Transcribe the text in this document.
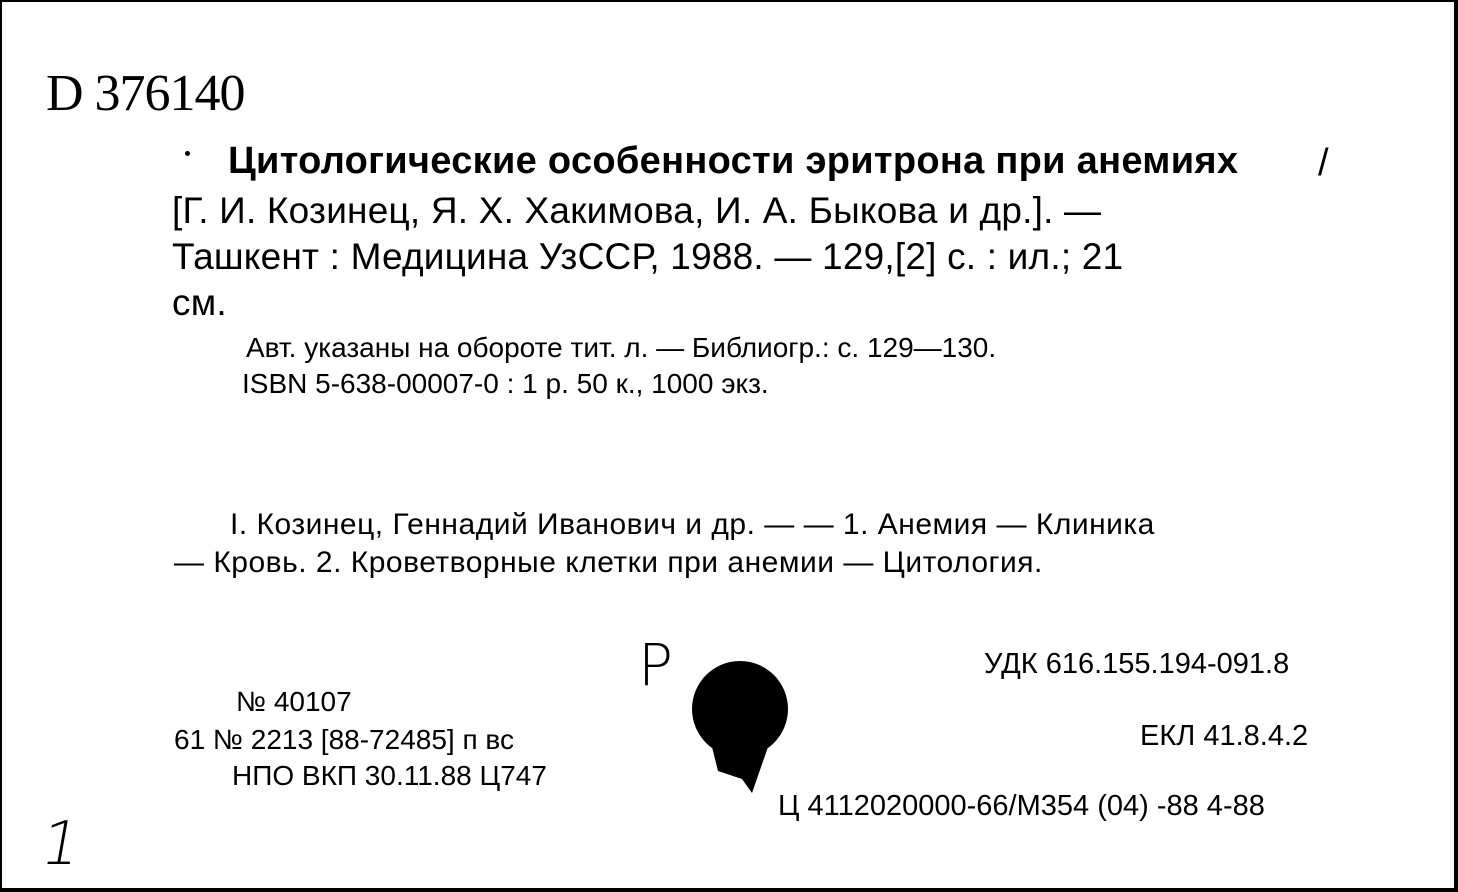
D 376140
Цитологические особенности эритрона при анемиях /
[Г. И. Козинец, Я. Х. Хакимова, И. А. Быкова и др.]. —
Ташкент : Медицина УзССР, 1988. — 129,[2] с. : ил.; 21
см.
Авт. указаны на обороте тит. л. — Библиогр.: с. 129—130.
ISBN 5-638-00007-0 : 1 р. 50 к., 1000 экз.
I. Козинец, Геннадий Иванович и др. — — 1. Анемия — Клиника
— Кровь. 2. Кроветворные клетки при анемии — Цитология.
УДК 616.155.194-091.8
№ 40107
61 № 2213 [88-72485] п вс	ЕКЛ 41.8.4.2
НПО ВКП 30.11.88 Ц747
Ц 4112020000-66/М354 (04) -88 4-88
P
1
